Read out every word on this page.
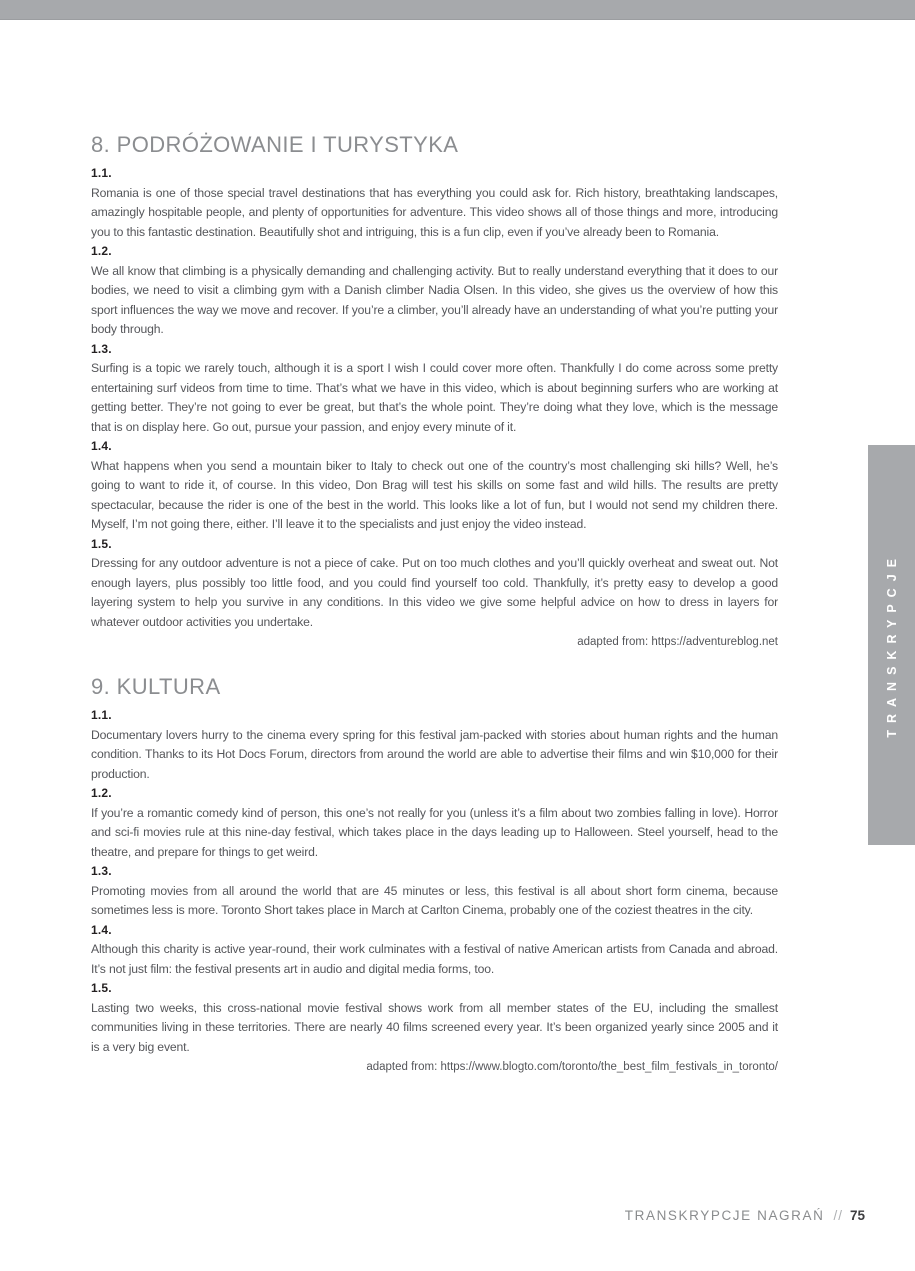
TRANSKRYPCJE
8. PODRÓŻOWANIE I TURYSTYKA

1.1.

Romania is one of those special travel destinations that has everything you could ask for. Rich history, breathtaking landscapes, amazingly hospitable people, and plenty of opportunities for adventure. This video shows all of those things and more, introducing you to this fantastic destination. Beautifully shot and intriguing, this is a fun clip, even if you’ve already been to Romania.

1.2.

We all know that climbing is a physically demanding and challenging activity. But to really understand everything that it does to our bodies, we need to visit a climbing gym with a Danish climber Nadia Olsen. In this video, she gives us the overview of how this sport influences the way we move and recover. If you’re a climber, you’ll already have an understanding of what you’re putting your body through.

1.3.

Surfing is a topic we rarely touch, although it is a sport I wish I could cover more often. Thankfully I do come across some pretty entertaining surf videos from time to time. That’s what we have in this video, which is about beginning surfers who are working at getting better. They’re not going to ever be great, but that’s the whole point. They’re doing what they love, which is the message that is on display here. Go out, pursue your passion, and enjoy every minute of it.

1.4.

What happens when you send a mountain biker to Italy to check out one of the country’s most challenging ski hills? Well, he’s going to want to ride it, of course. In this video, Don Brag will test his skills on some fast and wild hills. The results are pretty spectacular, because the rider is one of the best in the world. This looks like a lot of fun, but I would not send my children there. Myself, I’m not going there, either. I’ll leave it to the specialists and just enjoy the video instead.

1.5.

Dressing for any outdoor adventure is not a piece of cake. Put on too much clothes and you’ll quickly overheat and sweat out. Not enough layers, plus possibly too little food, and you could find yourself too cold. Thankfully, it’s pretty easy to develop a good layering system to help you survive in any conditions. In this video we give some helpful advice on how to dress in layers for whatever outdoor activities you undertake.

adapted from: https://adventureblog.net

9. KULTURA

1.1.

Documentary lovers hurry to the cinema every spring for this festival jam-packed with stories about human rights and the human condition. Thanks to its Hot Docs Forum, directors from around the world are able to advertise their films and win $10,000 for their production.

1.2.

If you’re a romantic comedy kind of person, this one’s not really for you (unless it’s a film about two zombies falling in love). Horror and sci-fi movies rule at this nine-day festival, which takes place in the days leading up to Halloween. Steel yourself, head to the theatre, and prepare for things to get weird.

1.3.

Promoting movies from all around the world that are 45 minutes or less, this festival is all about short form cinema, because sometimes less is more. Toronto Short takes place in March at Carlton Cinema, probably one of the coziest theatres in the city.

1.4.

Although this charity is active year-round, their work culminates with a festival of native American artists from Canada and abroad. It’s not just film: the festival presents art in audio and digital media forms, too.

1.5.

Lasting two weeks, this cross-national movie festival shows work from all member states of the EU, including the smallest communities living in these territories. There are nearly 40 films screened every year. It’s been organized yearly since 2005 and it is a very big event.

adapted from: https://www.blogto.com/toronto/the_best_film_festivals_in_toronto/

TRANSKRYPCJE NAGRAŃ // 75
